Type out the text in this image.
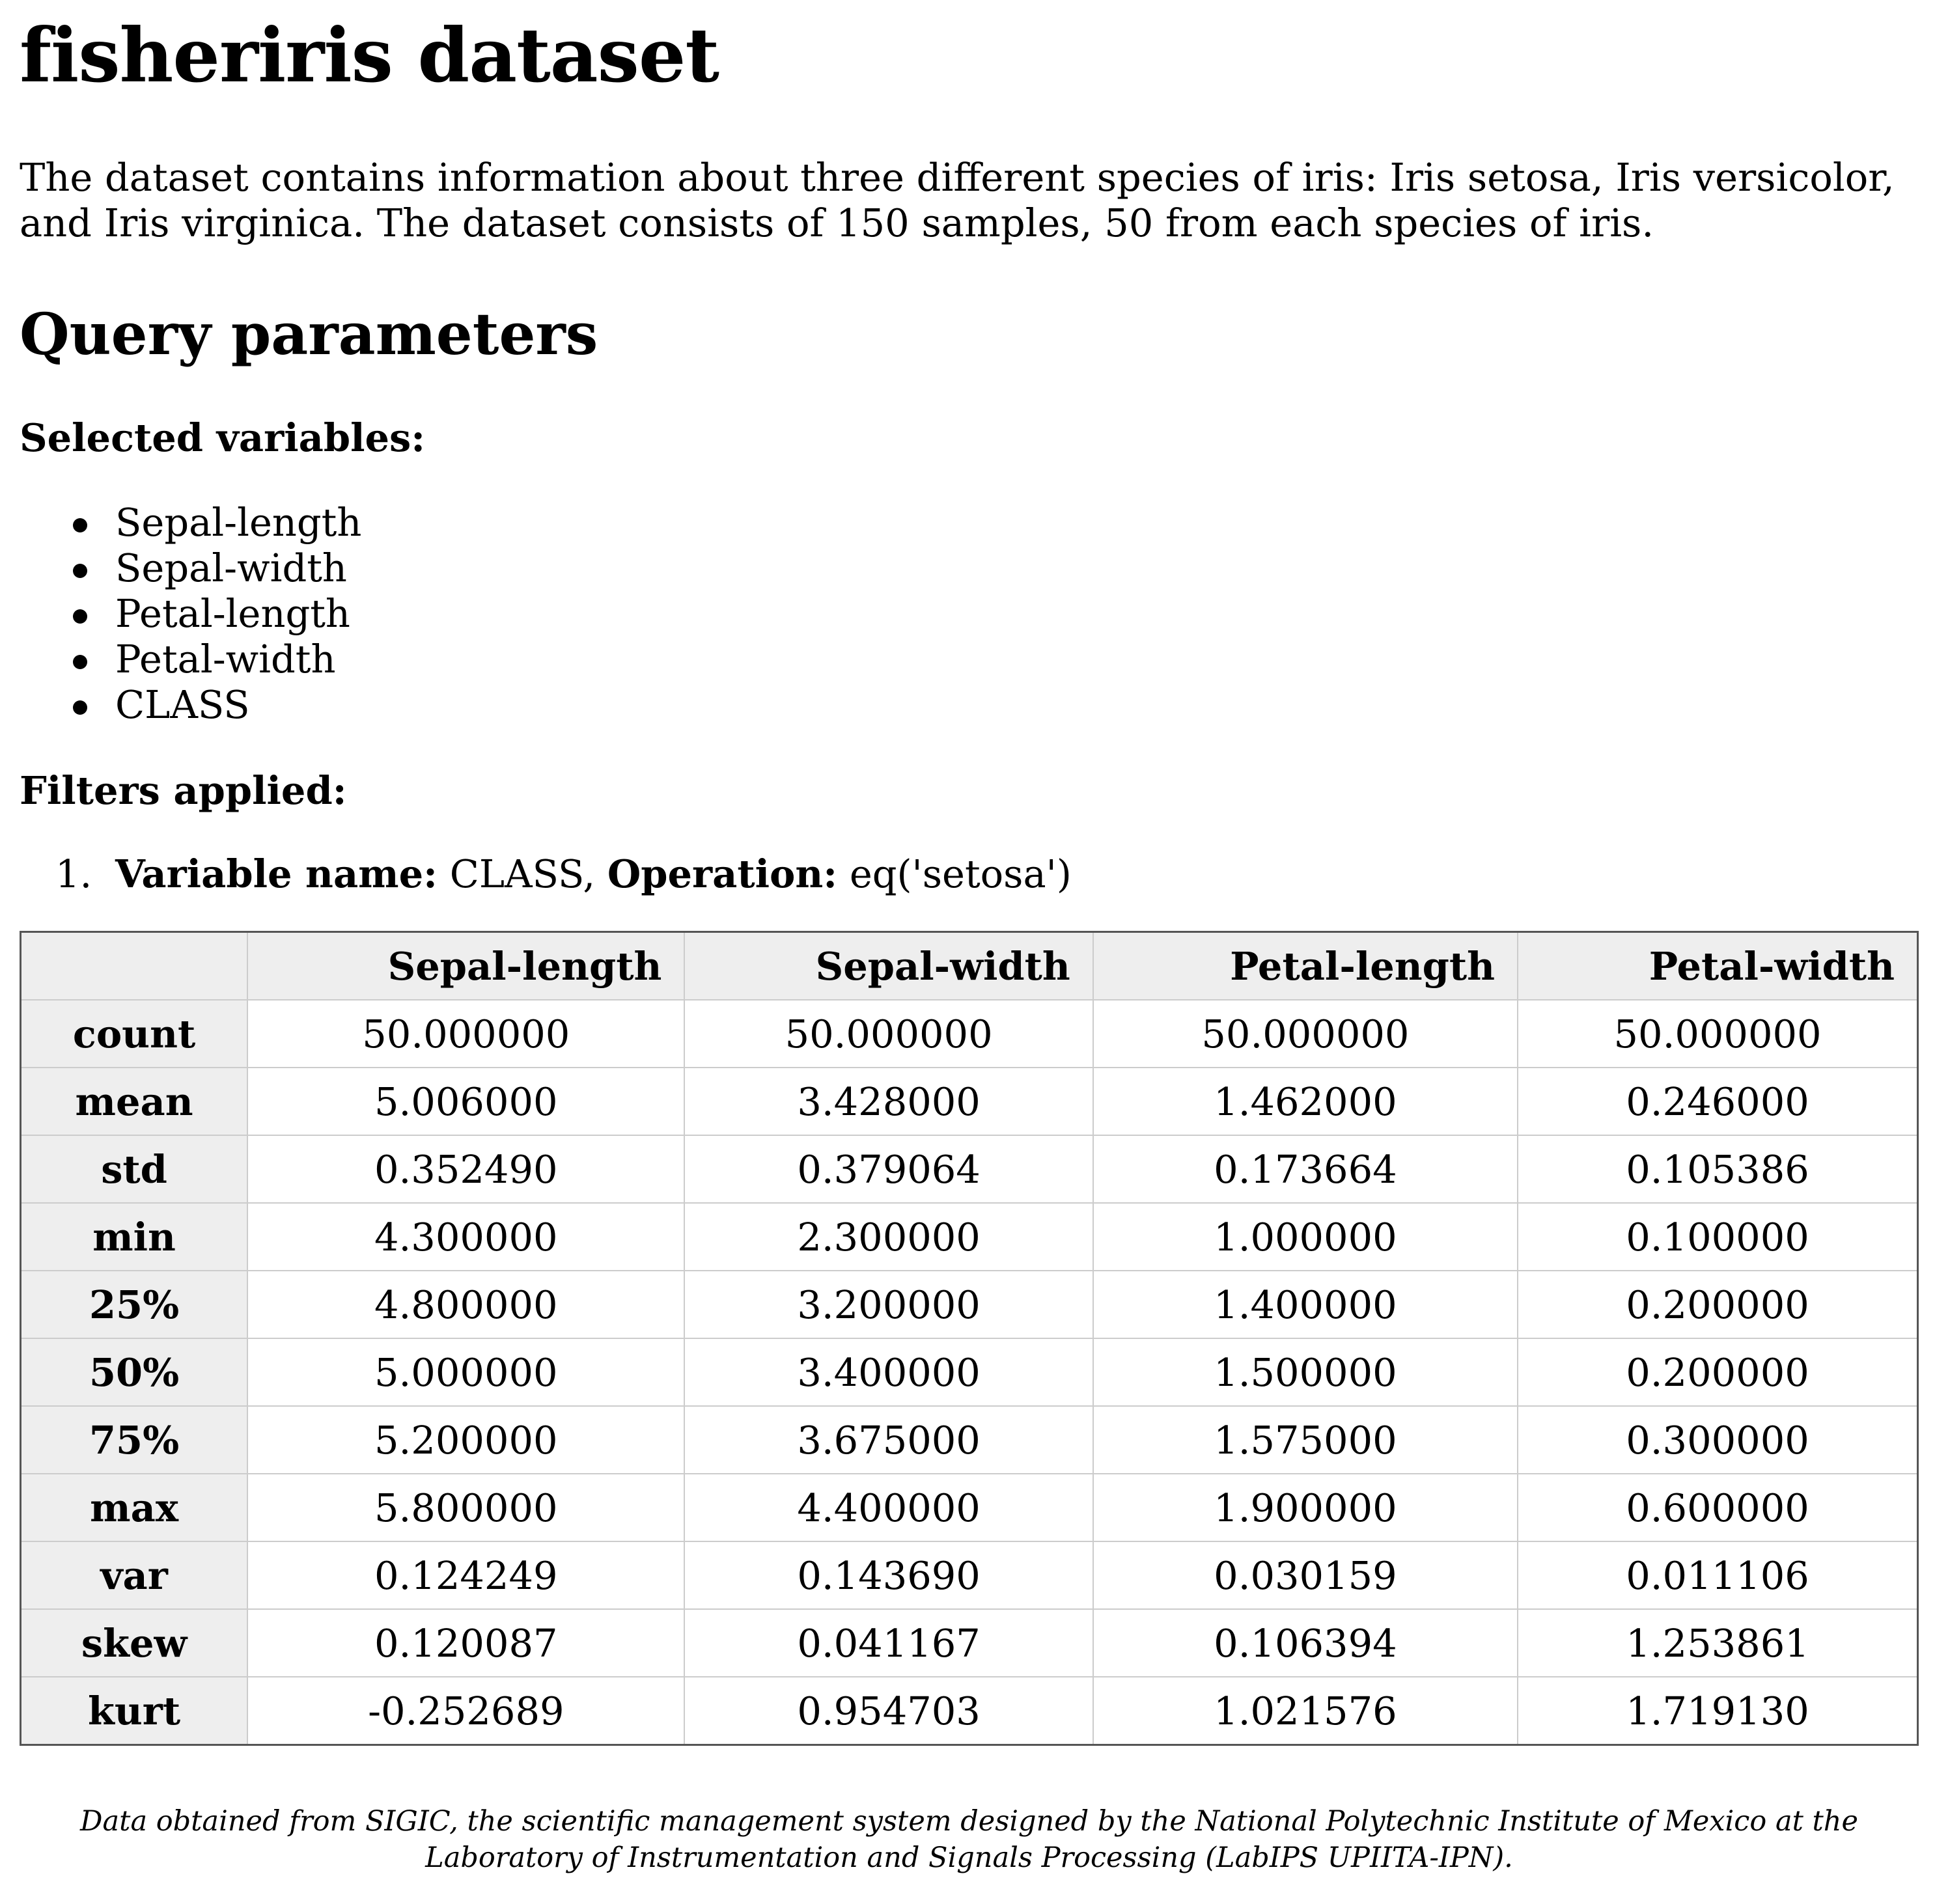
fisheriris dataset

The dataset contains information about three different species of iris: Iris setosa, Iris versicolor, and Iris virginica. The dataset consists of 150 samples, 50 from each species of iris.

Query parameters

Selected variables:

Sepal-length
Sepal-width
Petal-length
Petal-width
CLASS

Filters applied:

1. Variable name: CLASS, Operation: eq('setosa')
	Sepal-length	Sepal-width	Petal-length	Petal-width
count	50.000000	50.000000	50.000000	50.000000
mean	5.006000	3.428000	1.462000	0.246000
std	0.352490	0.379064	0.173664	0.105386
min	4.300000	2.300000	1.000000	0.100000
25%	4.800000	3.200000	1.400000	0.200000
50%	5.000000	3.400000	1.500000	0.200000
75%	5.200000	3.675000	1.575000	0.300000
max	5.800000	4.400000	1.900000	0.600000
var	0.124249	0.143690	0.030159	0.011106
skew	0.120087	0.041167	0.106394	1.253861
kurt	-0.252689	0.954703	1.021576	1.719130

Data obtained from SIGIC, the scientific management system designed by the National Polytechnic Institute of Mexico at the Laboratory of Instrumentation and Signals Processing (LabIPS UPIITA-IPN).
